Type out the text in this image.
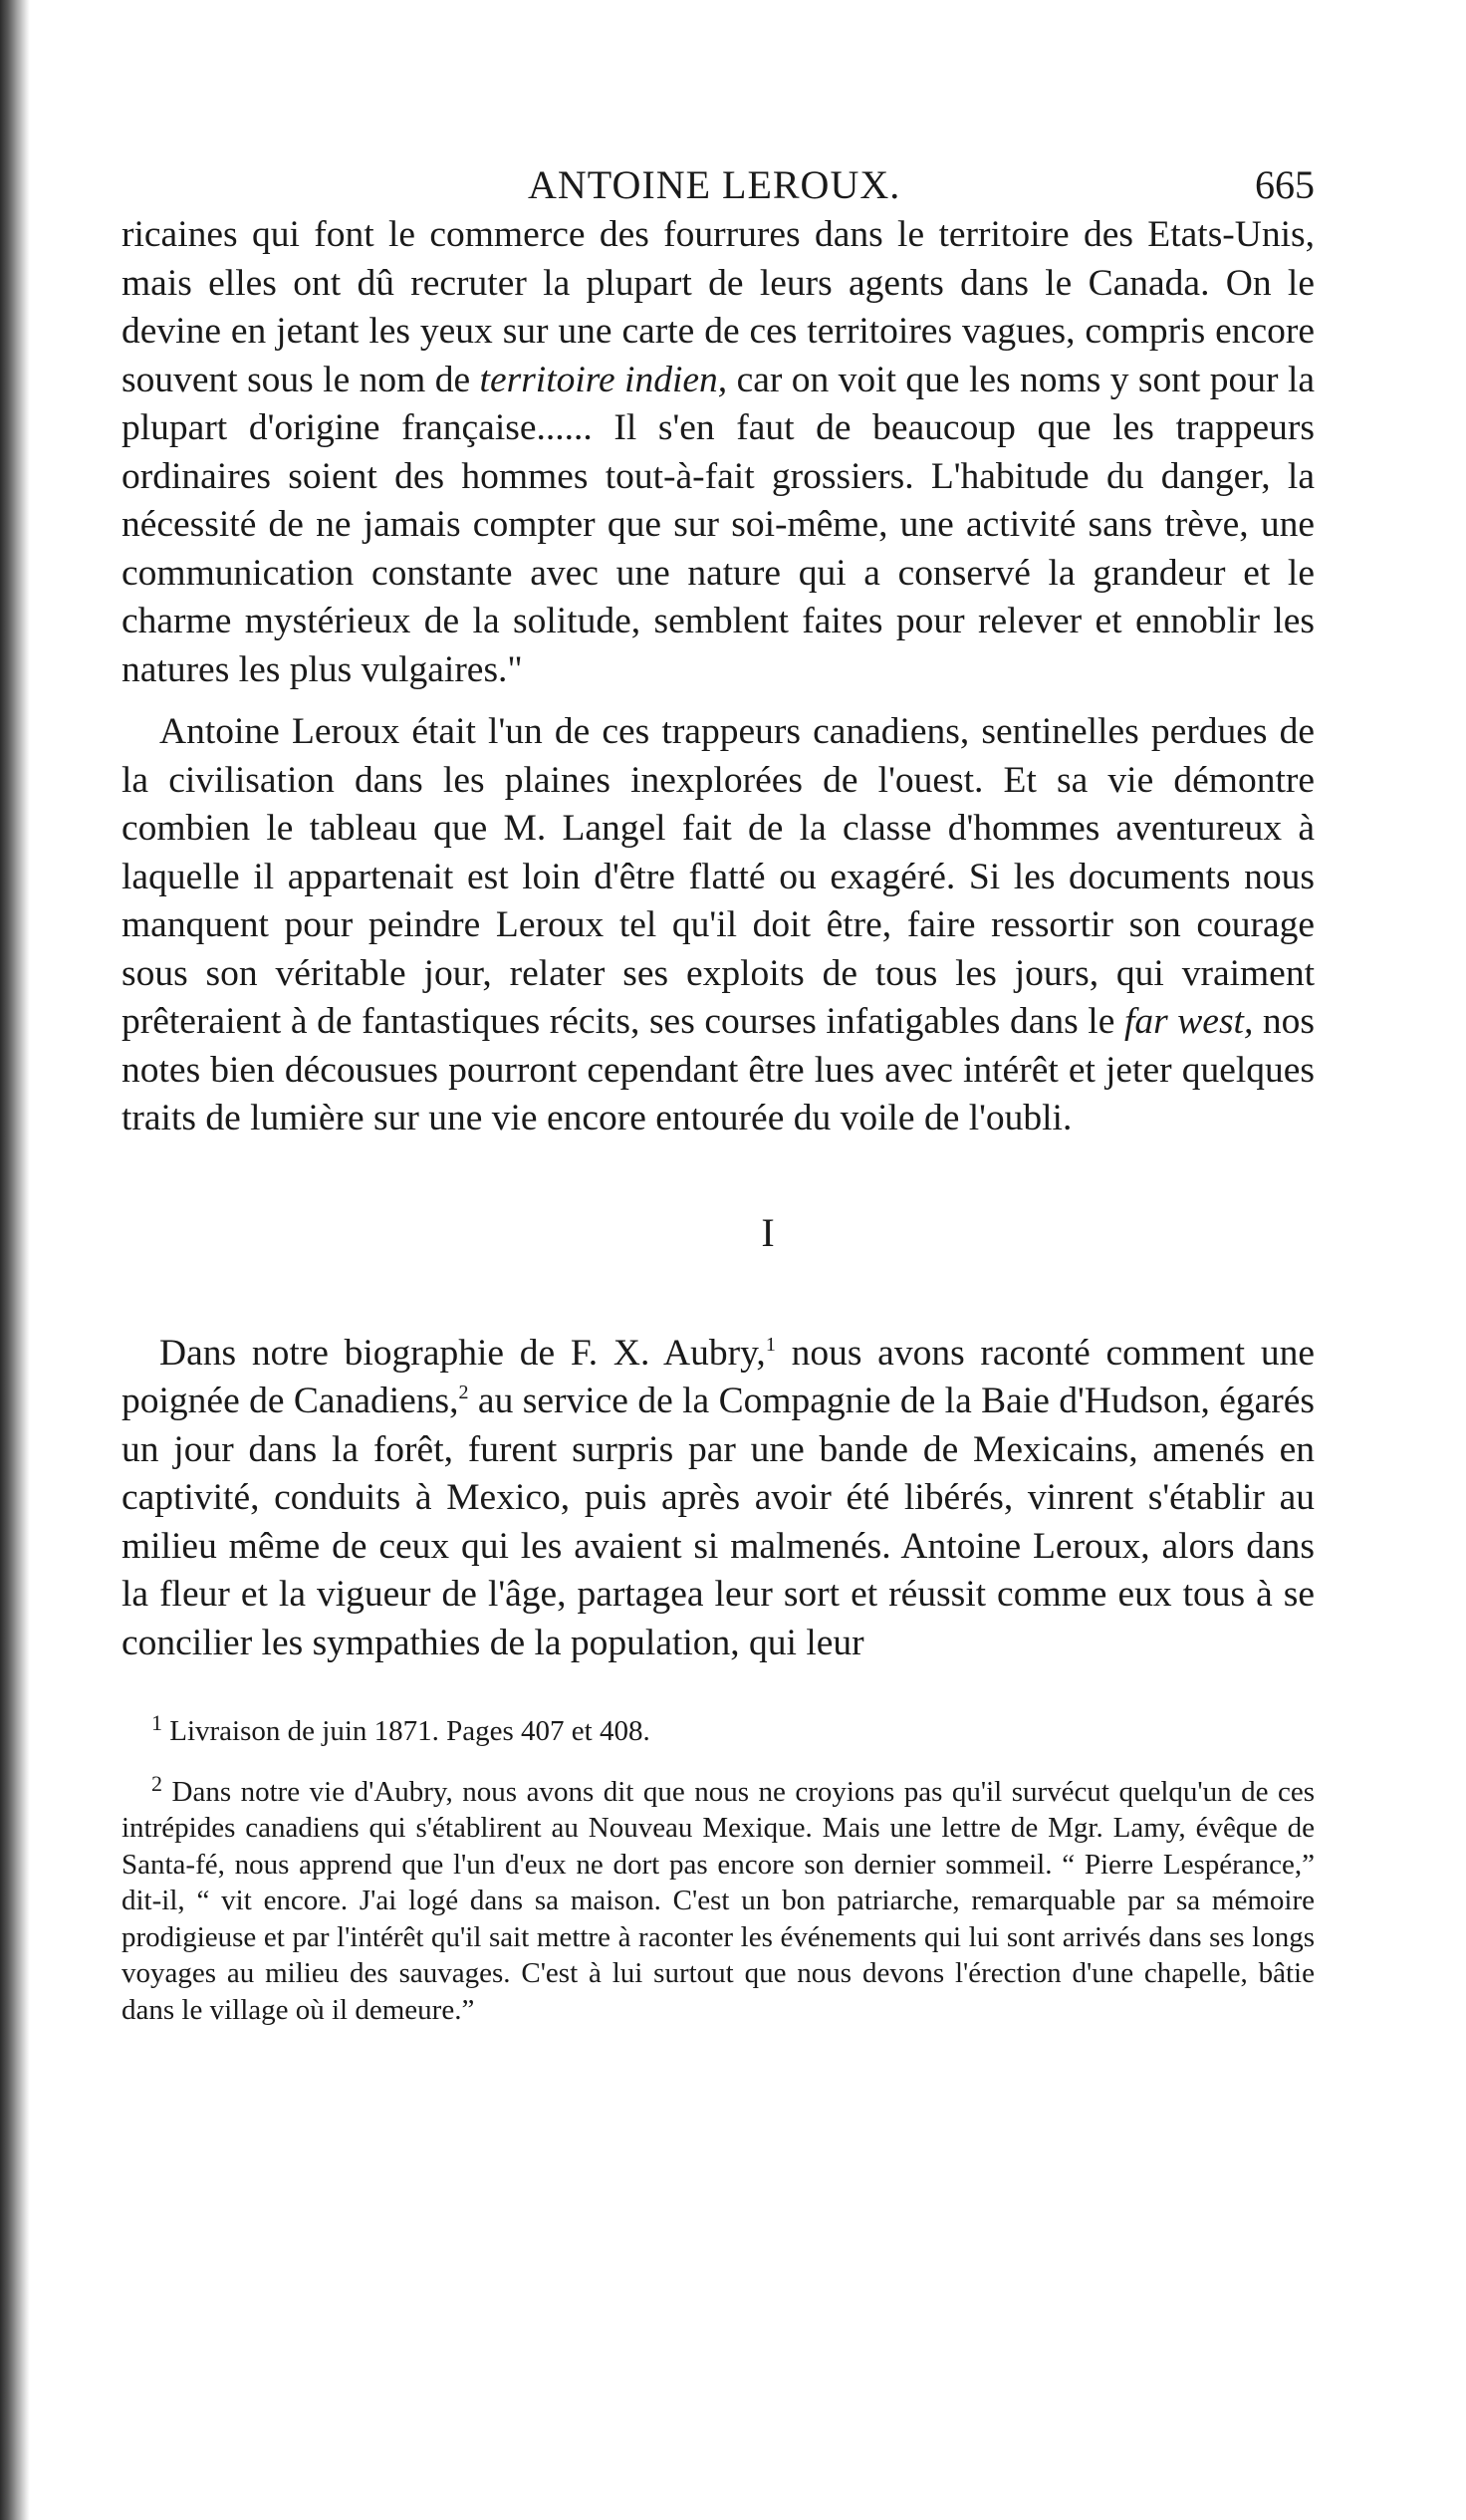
ANTOINE LEROUX.	665

ricaines qui font le commerce des fourrures dans le territoire des Etats-Unis, mais elles ont dû recruter la plupart de leurs agents dans le Canada. On le devine en jetant les yeux sur une carte de ces territoires vagues, compris encore souvent sous le nom de territoire indien, car on voit que les noms y sont pour la plupart d'origine française...... Il s'en faut de beaucoup que les trappeurs ordinaires soient des hommes tout-à-fait grossiers. L'habitude du danger, la nécessité de ne jamais compter que sur soi-même, une activité sans trève, une communication constante avec une nature qui a conservé la grandeur et le charme mystérieux de la solitude, semblent faites pour relever et ennoblir les natures les plus vulgaires."

Antoine Leroux était l'un de ces trappeurs canadiens, sentinelles perdues de la civilisation dans les plaines inexplorées de l'ouest. Et sa vie démontre combien le tableau que M. Langel fait de la classe d'hommes aventureux à laquelle il appartenait est loin d'être flatté ou exagéré. Si les documents nous manquent pour peindre Leroux tel qu'il doit être, faire ressortir son courage sous son véritable jour, relater ses exploits de tous les jours, qui vraiment prêteraient à de fantastiques récits, ses courses infatigables dans le far west, nos notes bien décousues pourront cependant être lues avec intérêt et jeter quelques traits de lumière sur une vie encore entourée du voile de l'oubli.

I

Dans notre biographie de F. X. Aubry,$^1$ nous avons raconté comment une poignée de Canadiens,$^2$ au service de la Compagnie de la Baie d'Hudson, égarés un jour dans la forêt, furent surpris par une bande de Mexicains, amenés en captivité, conduits à Mexico, puis après avoir été libérés, vinrent s'établir au milieu même de ceux qui les avaient si malmenés. Antoine Leroux, alors dans la fleur et la vigueur de l'âge, partagea leur sort et réussit comme eux tous à se concilier les sympathies de la population, qui leur

$^1$ Livraison de juin 1871. Pages 407 et 408.

$^2$ Dans notre vie d'Aubry, nous avons dit que nous ne croyions pas qu'il survécut quelqu'un de ces intrépides canadiens qui s'établirent au Nouveau Mexique. Mais une lettre de Mgr. Lamy, évêque de Santa-fé, nous apprend que l'un d'eux ne dort pas encore son dernier sommeil. “ Pierre Lespérance,” dit-il, “ vit encore. J'ai logé dans sa maison. C'est un bon patriarche, remarquable par sa mémoire prodigieuse et par l'intérêt qu'il sait mettre à raconter les événements qui lui sont arrivés dans ses longs voyages au milieu des sauvages. C'est à lui surtout que nous devons l'érection d'une chapelle, bâtie dans le village où il demeure.”
